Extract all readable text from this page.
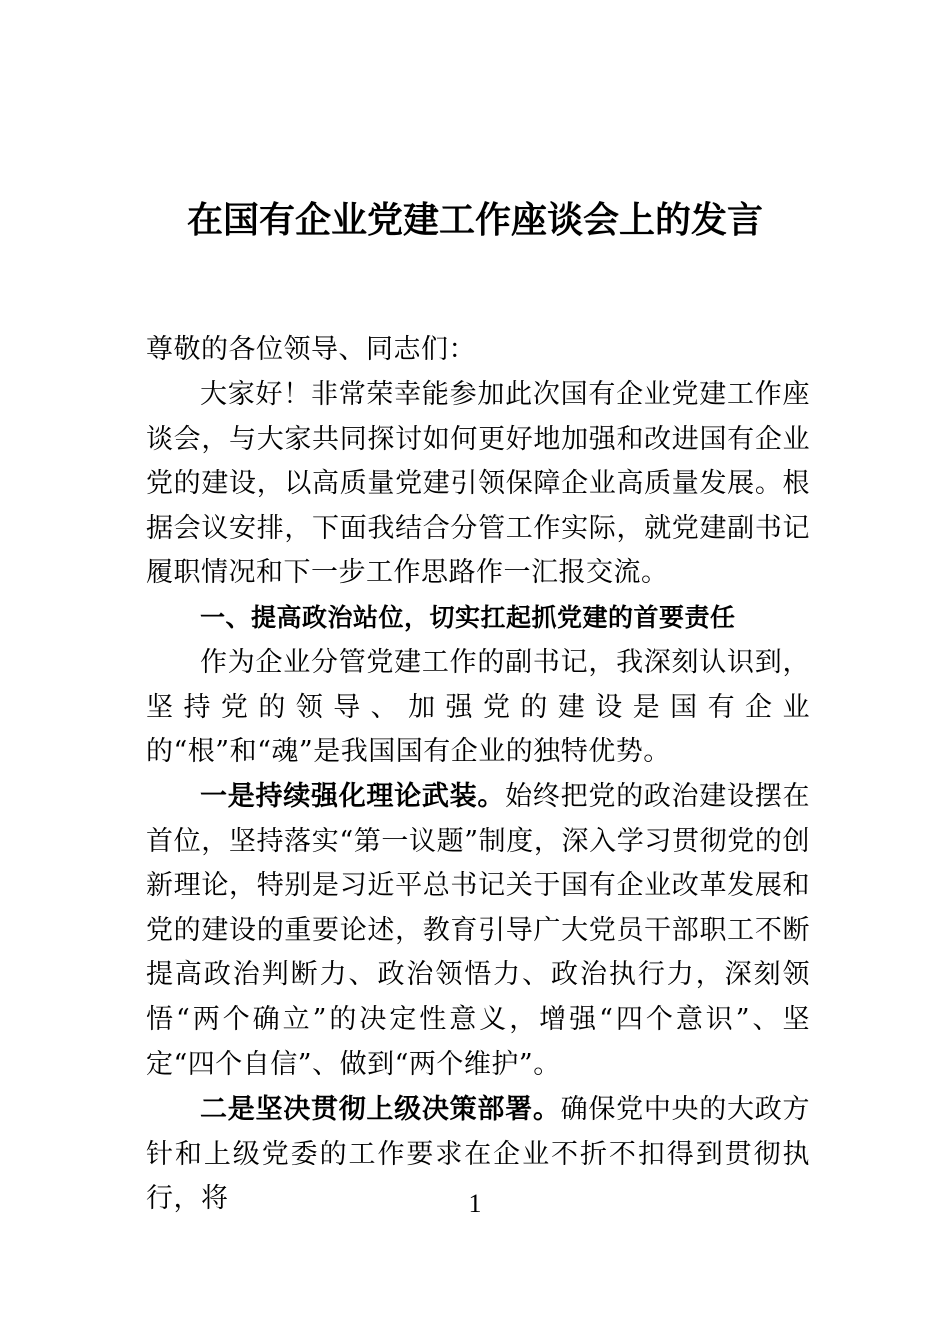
在国有企业党建工作座谈会上的发言

尊敬的各位领导、同志们：

大家好！非常荣幸能参加此次国有企业党建工作座谈会，与大家共同探讨如何更好地加强和改进国有企业党的建设，以高质量党建引领保障企业高质量发展。根据会议安排，下面我结合分管工作实际，就党建副书记履职情况和下一步工作思路作一汇报交流。

一、提高政治站位，切实扛起抓党建的首要责任

作为企业分管党建工作的副书记，我深刻认识到，坚持党的领导、加强党的建设是国有企业的“根”和“魂”是我国国有企业的独特优势。

一是持续强化理论武装。始终把党的政治建设摆在首位，坚持落实“第一议题”制度，深入学习贯彻党的创新理论，特别是习近平总书记关于国有企业改革发展和党的建设的重要论述，教育引导广大党员干部职工不断提高政治判断力、政治领悟力、政治执行力，深刻领悟“两个确立”的决定性意义，增强“四个意识”、坚定“四个自信”、做到“两个维护”。

二是坚决贯彻上级决策部署。确保党中央的大政方针和上级党委的工作要求在企业不折不扣得到贯彻执行，将	1
